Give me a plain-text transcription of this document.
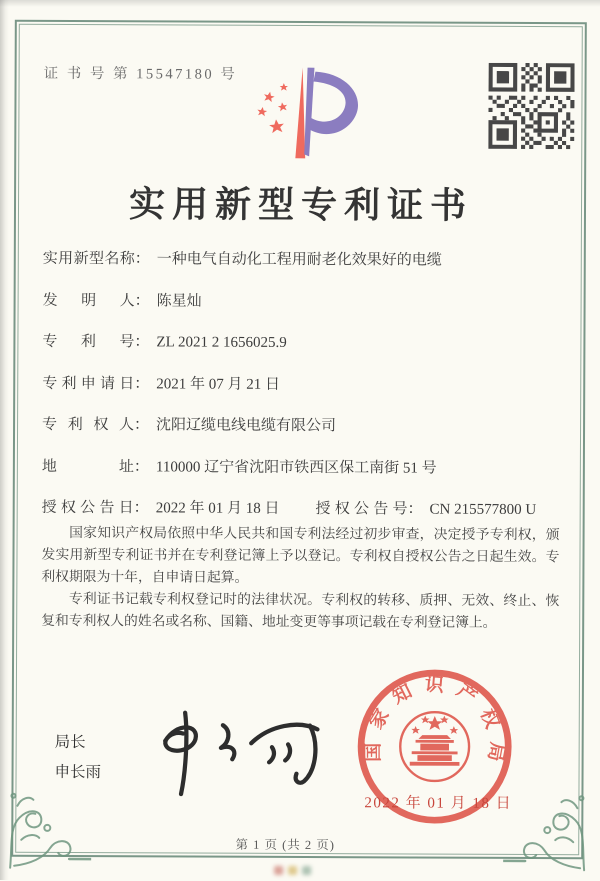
证 书 号 第 15547180 号
实用新型专利证书
实用新型名称 ： 一种电气自动化工程用耐老化效果好的电缆
发明人 ： 陈星灿
专利号 ： ZL 2021 2 1656025.9
专利申请日 ： 2021 年 07 月 21 日
专利权人 ： 沈阳辽缆电线电缆有限公司
地址 ： 110000 辽宁省沈阳市铁西区保工南街 51 号
授权公告日 ： 2022 年 01 月 18 日 授权公告号 ： CN 215577800 U

国家知识产权局依照中华人民共和国专利法经过初步审查，决定授予专利权，颁发实用新型专利证书并在专利登记簿上予以登记。专利权自授权公告之日起生效。专利权期限为十年，自申请日起算。

专利证书记载专利权登记时的法律状况。专利权的转移、质押、无效、终止、恢复和专利权人的姓名或名称、国籍、地址变更等事项记载在专利登记簿上。

局长
申长雨
国家知识产权局
2022 年 01 月 18 日
第 1 页 (共 2 页)
